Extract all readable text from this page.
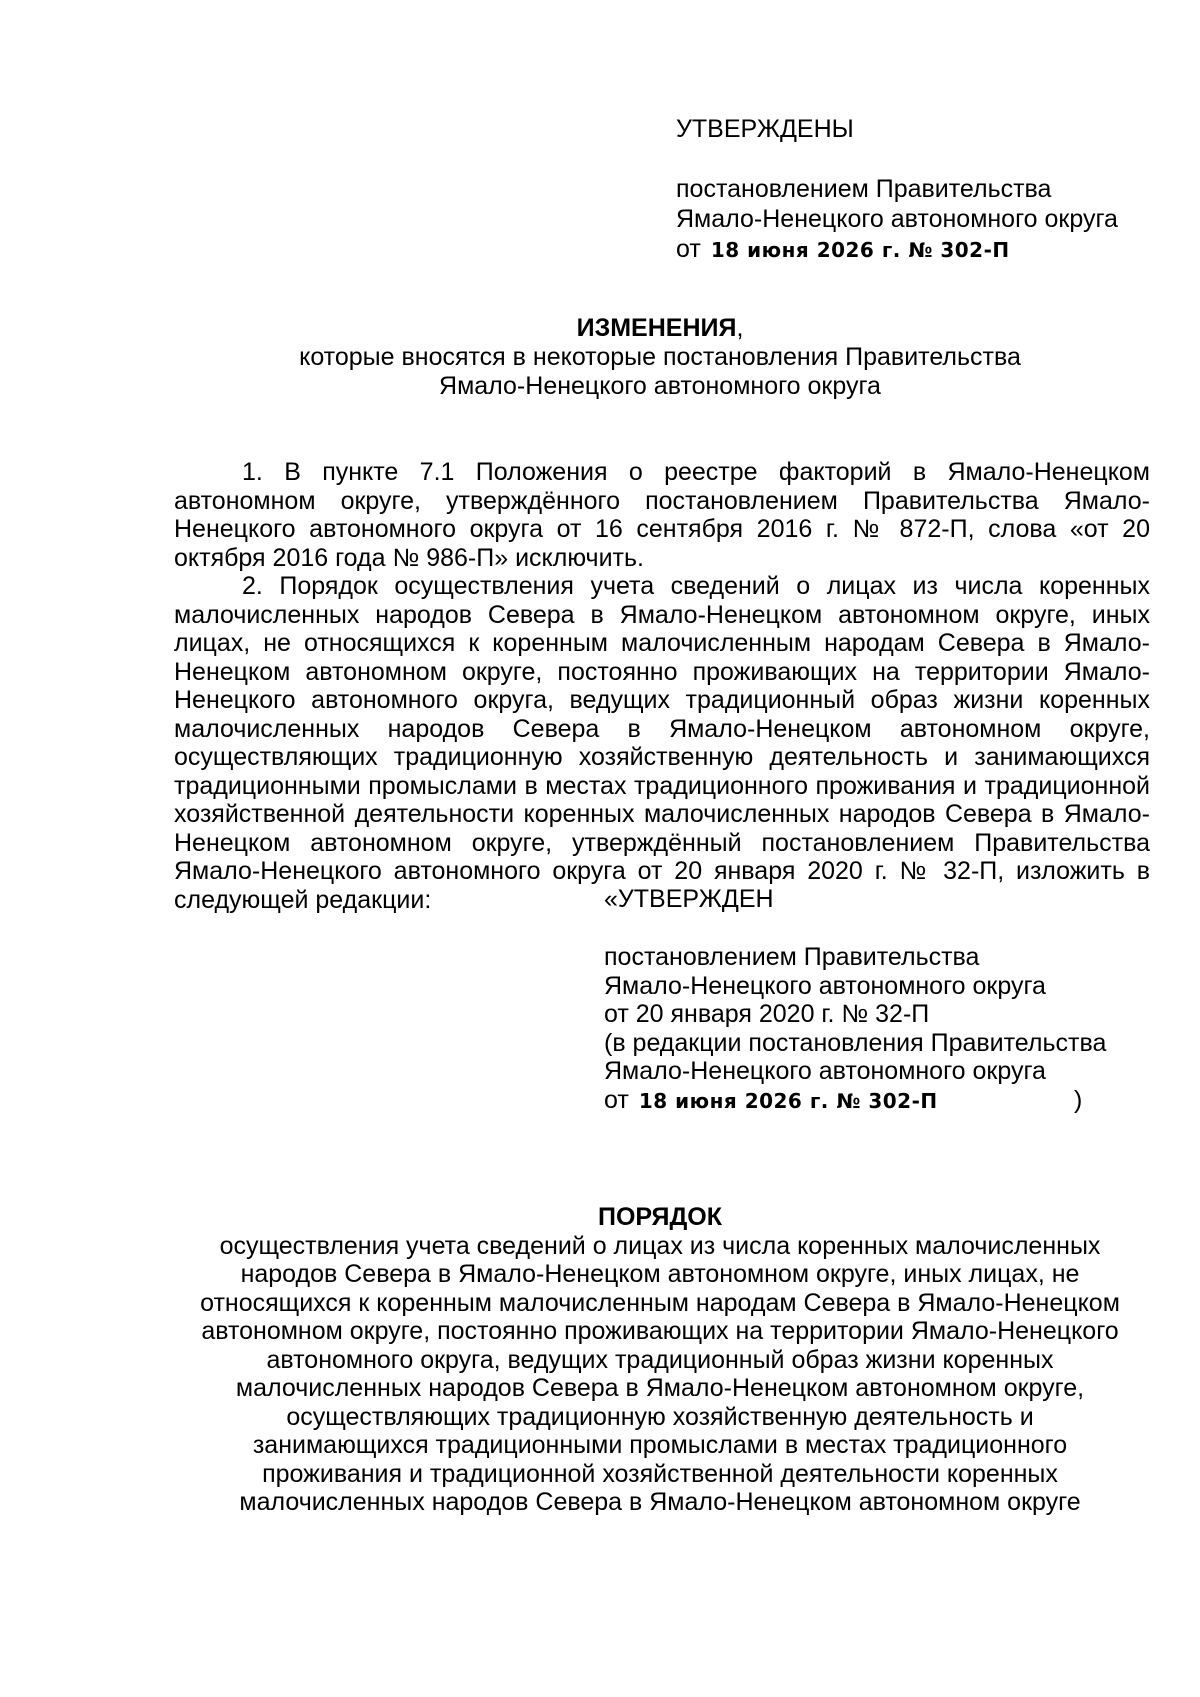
УТВЕРЖДЕНЫ
постановлением Правительства
Ямало-Ненецкого автономного округа
от 18 июня 2026 г. № 302-П
ИЗМЕНЕНИЯ,
которые вносятся в некоторые постановления Правительства
Ямало-Ненецкого автономного округа

1. В пункте 7.1 Положения о реестре факторий в Ямало-Ненецком автономном округе, утверждённого постановлением Правительства Ямало-Ненецкого автономного округа от 16 сентября 2016 г. № 872-П, слова «от 20 октября 2016 года № 986-П» исключить.

2. Порядок осуществления учета сведений о лицах из числа коренных малочисленных народов Севера в Ямало-Ненецком автономном округе, иных лицах, не относящихся к коренным малочисленным народам Севера в Ямало-Ненецком автономном округе, постоянно проживающих на территории Ямало-Ненецкого автономного округа, ведущих традиционный образ жизни коренных малочисленных народов Севера в Ямало-Ненецком автономном округе, осуществляющих традиционную хозяйственную деятельность и занимающихся традиционными промыслами в местах традиционного проживания и традиционной хозяйственной деятельности коренных малочисленных народов Севера в Ямало-Ненецком автономном округе, утверждённый постановлением Правительства Ямало-Ненецкого автономного округа от 20 января 2020 г. № 32-П, изложить в следующей редакции:	«УТВЕРЖДЕН
постановлением Правительства
Ямало-Ненецкого автономного округа
от 20 января 2020 г. № 32-П
(в редакции постановления Правительства
Ямало-Ненецкого автономного округа
от 18 июня 2026 г. № 302-П	)
ПОРЯДОК
осуществления учета сведений о лицах из числа коренных малочисленных
народов Севера в Ямало-Ненецком автономном округе, иных лицах, не
относящихся к коренным малочисленным народам Севера в Ямало-Ненецком
автономном округе, постоянно проживающих на территории Ямало-Ненецкого
автономного округа, ведущих традиционный образ жизни коренных
малочисленных народов Севера в Ямало-Ненецком автономном округе,
осуществляющих традиционную хозяйственную деятельность и
занимающихся традиционными промыслами в местах традиционного
проживания и традиционной хозяйственной деятельности коренных
малочисленных народов Севера в Ямало-Ненецком автономном округе
